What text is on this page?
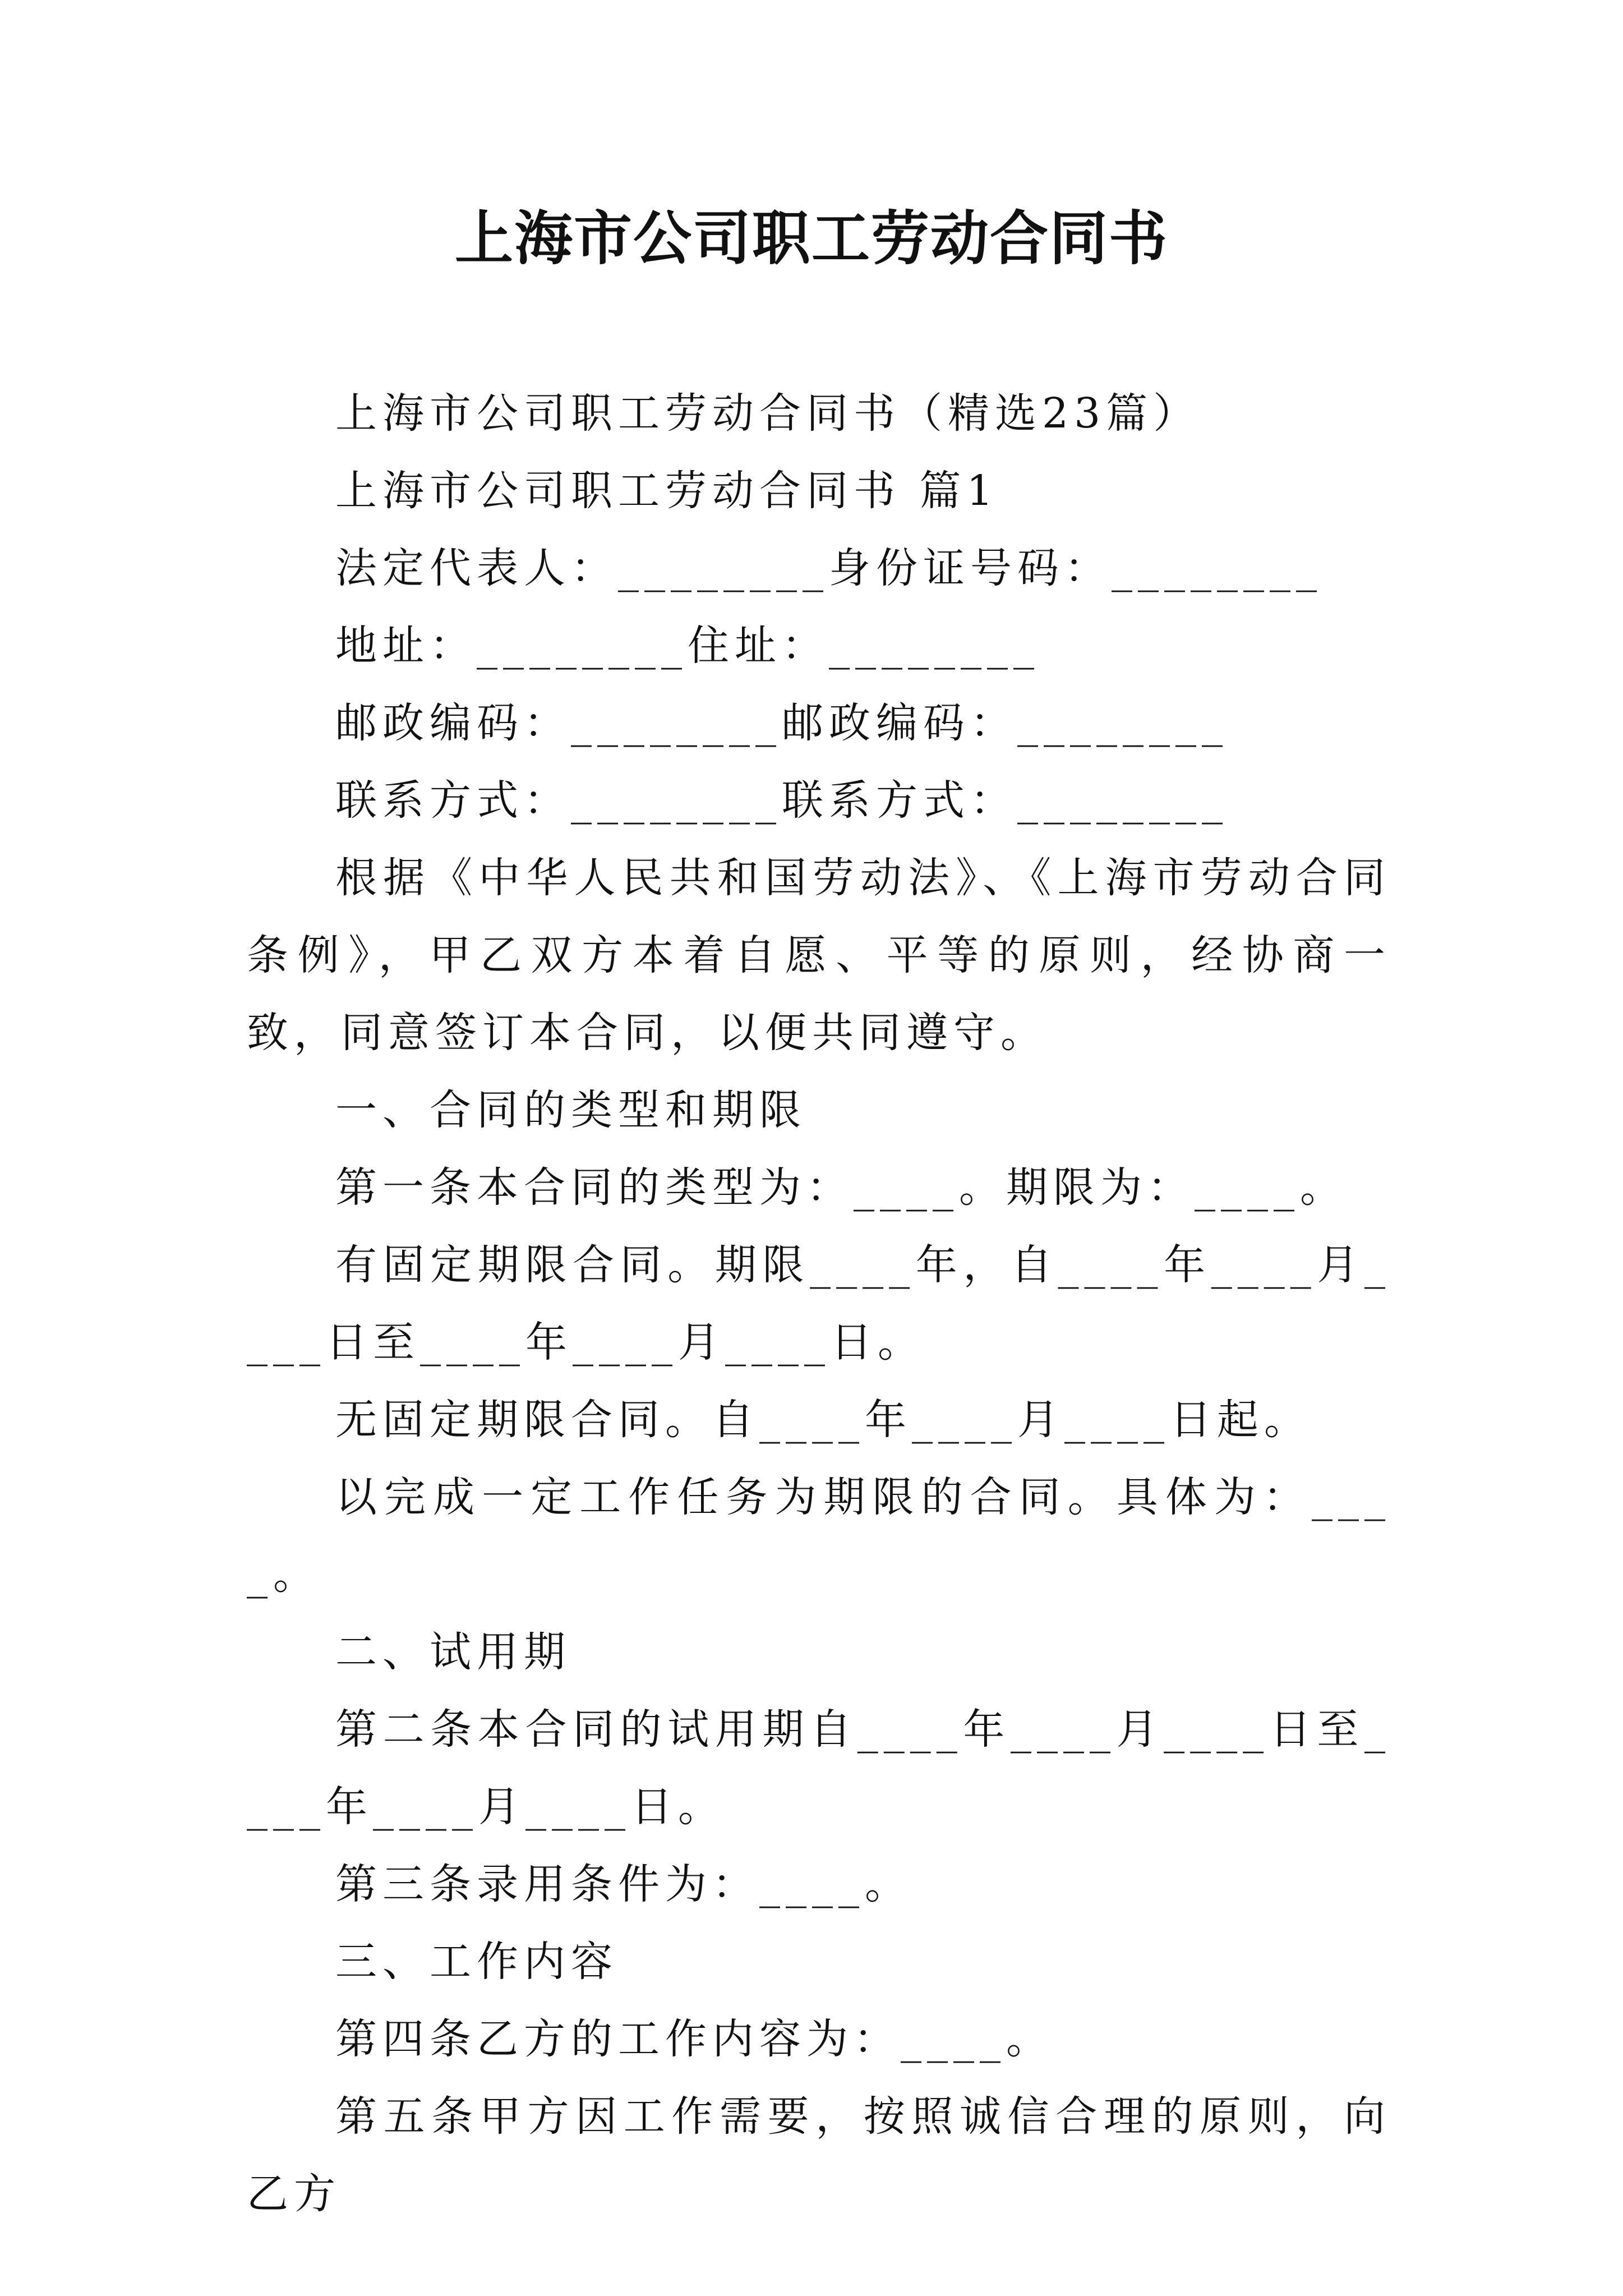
上海市公司职工劳动合同书

上海市公司职工劳动合同书（精选23篇）

上海市公司职工劳动合同书 篇1

法定代表人：________身份证号码：________

地址：________住址：________

邮政编码：________邮政编码：________

联系方式：________联系方式：________

根据《中华人民共和国劳动法》、《上海市劳动合同条例》，甲乙双方本着自愿、平等的原则，经协商一致，同意签订本合同，以便共同遵守。

一、合同的类型和期限

第一条本合同的类型为：____。期限为：____。

有固定期限合同。期限____年，自____年____月____日至____年____月____日。

无固定期限合同。自____年____月____日起。

以完成一定工作任务为期限的合同。具体为：____。

二、试用期

第二条本合同的试用期自____年____月____日至____年____月____日。

第三条录用条件为：____。

三、工作内容

第四条乙方的工作内容为：____。

第五条甲方因工作需要，按照诚信合理的原则，向乙方
